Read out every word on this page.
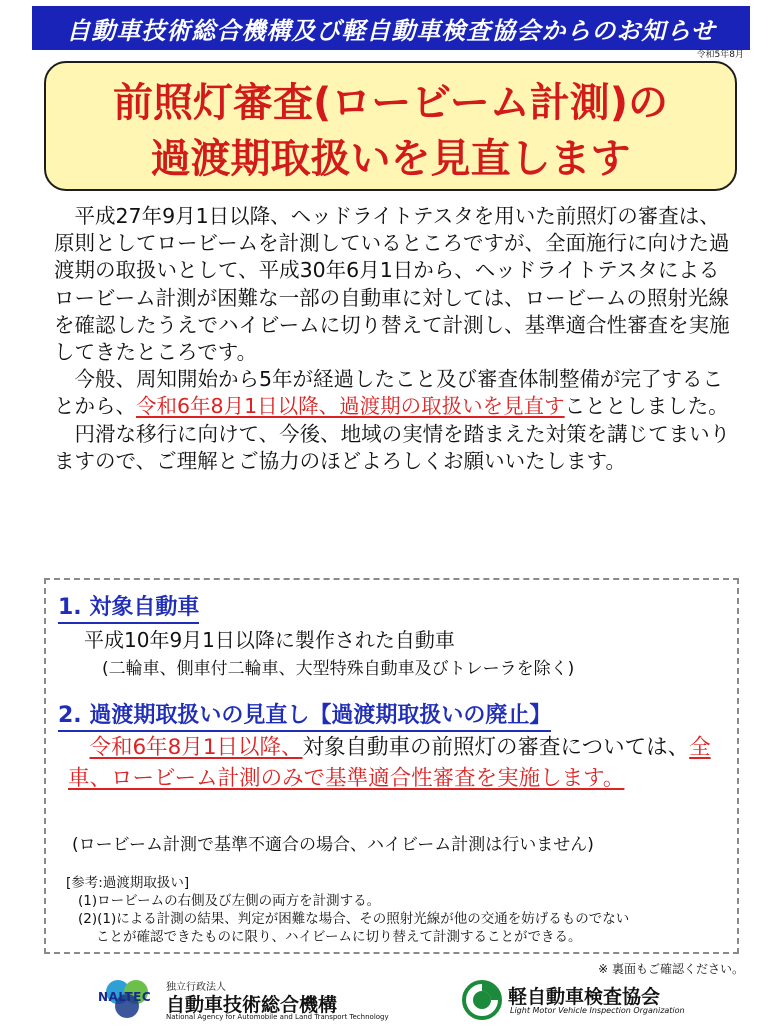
自動車技術総合機構及び軽自動車検査協会からのお知らせ
令和5年8月
前照灯審査(ロービーム計測)の
過渡期取扱いを見直します

平成27年9月1日以降、ヘッドライトテスタを用いた前照灯の審査は、原則としてロービームを計測しているところですが、全面施行に向けた過渡期の取扱いとして、平成30年6月1日から、ヘッドライトテスタによるロービーム計測が困難な一部の自動車に対しては、ロービームの照射光線を確認したうえでハイビームに切り替えて計測し、基準適合性審査を実施してきたところです。

今般、周知開始から5年が経過したこと及び審査体制整備が完了することから、令和6年8月1日以降、過渡期の取扱いを見直すこととしました。

円滑な移行に向けて、今後、地域の実情を踏まえた対策を講じてまいりますので、ご理解とご協力のほどよろしくお願いいたします。

1. 対象自動車
平成10年9月1日以降に製作された自動車
(二輪車、側車付二輪車、大型特殊自動車及びトレーラを除く)
2. 過渡期取扱いの見直し【過渡期取扱いの廃止】

令和6年8月1日以降、対象自動車の前照灯の審査については、全車、ロービーム計測のみで基準適合性審査を実施します。

(ロービーム計測で基準不適合の場合、ハイビーム計測は行いません)
[参考:過渡期取扱い]
(1)ロービームの右側及び左側の両方を計測する。
(2)(1)による計測の結果、判定が困難な場合、その照射光線が他の交通を妨げるものでない
ことが確認できたものに限り、ハイビームに切り替えて計測することができる。
※ 裏面もご確認ください。
NALTEC
独立行政法人
自動車技術総合機構
National Agency for Automobile and Land Transport Technology
軽自動車検査協会
Light Motor Vehicle Inspection Organization
